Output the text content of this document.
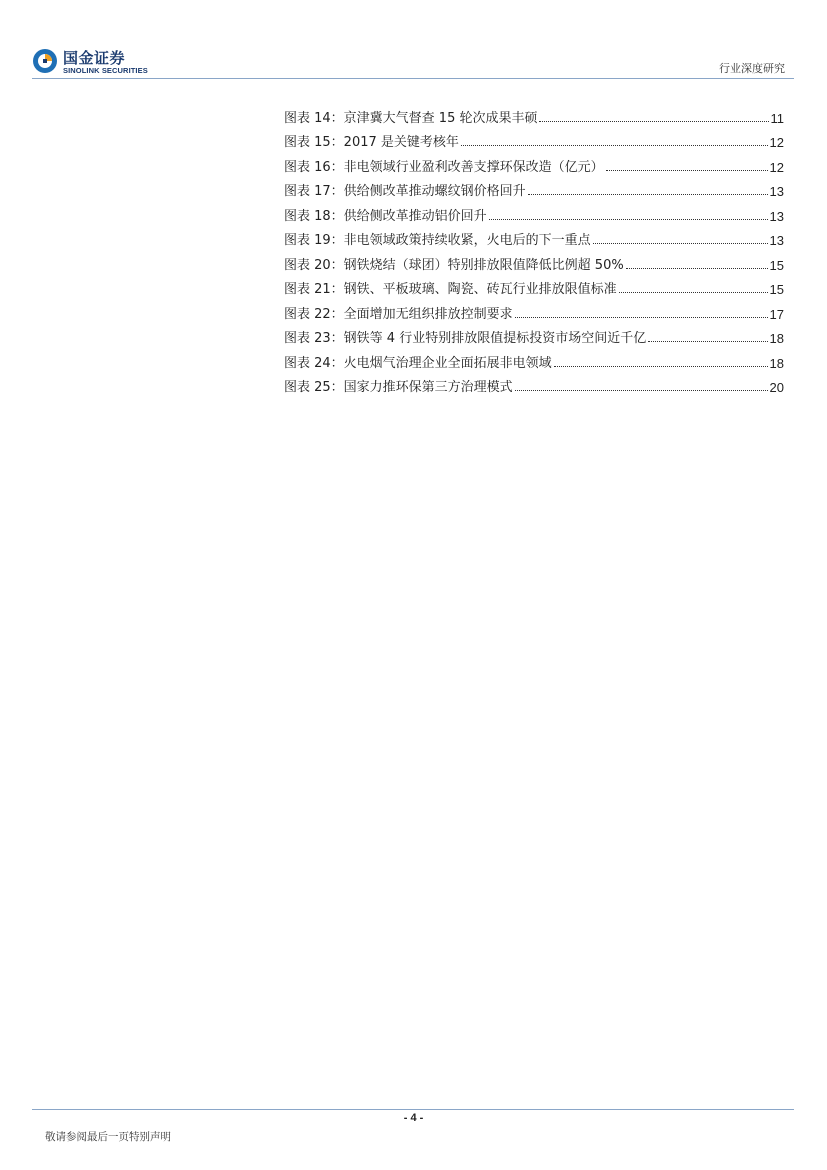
国金证券
SINOLINK SECURITIES	行业深度研究
图表 14：京津冀大气督查 15 轮次成果丰硕	11
图表 15：2017 是关键考核年	12
图表 16：非电领域行业盈利改善支撑环保改造（亿元）	12
图表 17：供给侧改革推动螺纹钢价格回升	13
图表 18：供给侧改革推动铝价回升	13
图表 19：非电领域政策持续收紧，火电后的下一重点	13
图表 20：钢铁烧结（球团）特别排放限值降低比例超 50%	15
图表 21：钢铁、平板玻璃、陶瓷、砖瓦行业排放限值标准	15
图表 22：全面增加无组织排放控制要求	17
图表 23：钢铁等 4 行业特别排放限值提标投资市场空间近千亿	18
图表 24：火电烟气治理企业全面拓展非电领域	18
图表 25：国家力推环保第三方治理模式	20
- 4 -
敬请参阅最后一页特别声明
